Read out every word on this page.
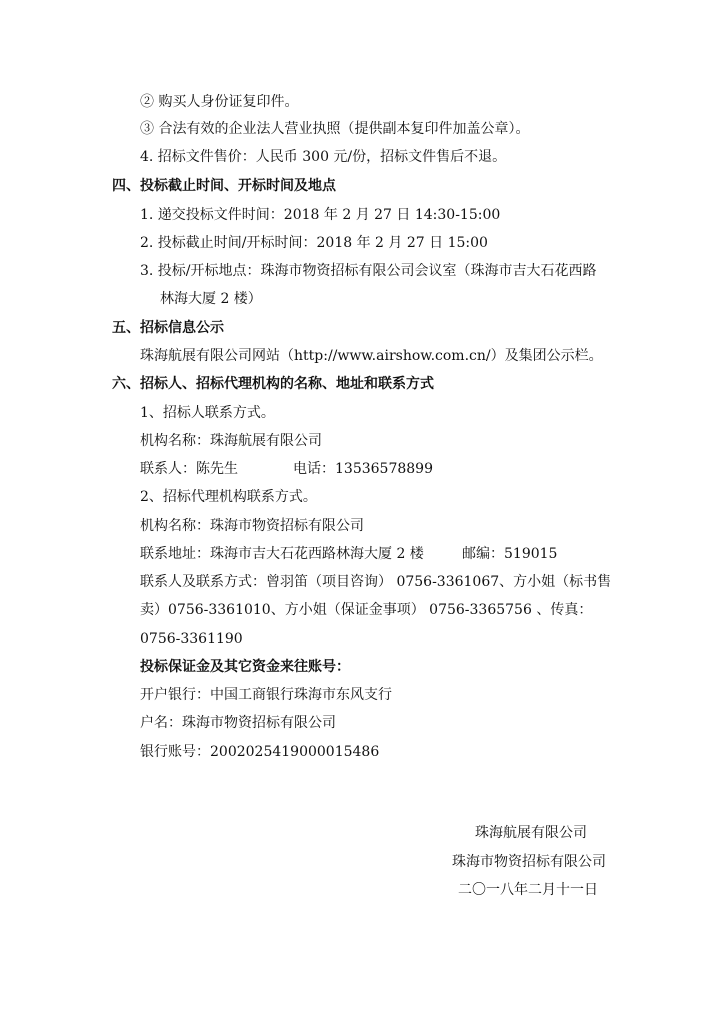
② 购买人身份证复印件。
③ 合法有效的企业法人营业执照（提供副本复印件加盖公章）。
4. 招标文件售价：人民币 300 元/份，招标文件售后不退。
四、投标截止时间、开标时间及地点
1. 递交投标文件时间：2018 年 2 月 27 日 14:30-15:00
2. 投标截止时间/开标时间：2018 年 2 月 27 日 15:00
3. 投标/开标地点：珠海市物资招标有限公司会议室（珠海市吉大石花西路
林海大厦 2 楼）
五、招标信息公示
珠海航展有限公司网站（http://www.airshow.com.cn/）及集团公示栏。
六、招标人、招标代理机构的名称、地址和联系方式
1、招标人联系方式。
机构名称：珠海航展有限公司
联系人：陈先生	电话：13536578899
2、招标代理机构联系方式。
机构名称：珠海市物资招标有限公司
联系地址：珠海市吉大石花西路林海大厦 2 楼	邮编：519015
联系人及联系方式：曾羽笛（项目咨询） 0756-3361067、方小姐（标书售
卖）0756-3361010、方小姐（保证金事项） 0756-3365756 、传真：
0756-3361190
投标保证金及其它资金来往账号：
开户银行：中国工商银行珠海市东风支行
户名：珠海市物资招标有限公司
银行账号：2002025419000015486
珠海航展有限公司
珠海市物资招标有限公司
二〇一八年二月十一日
